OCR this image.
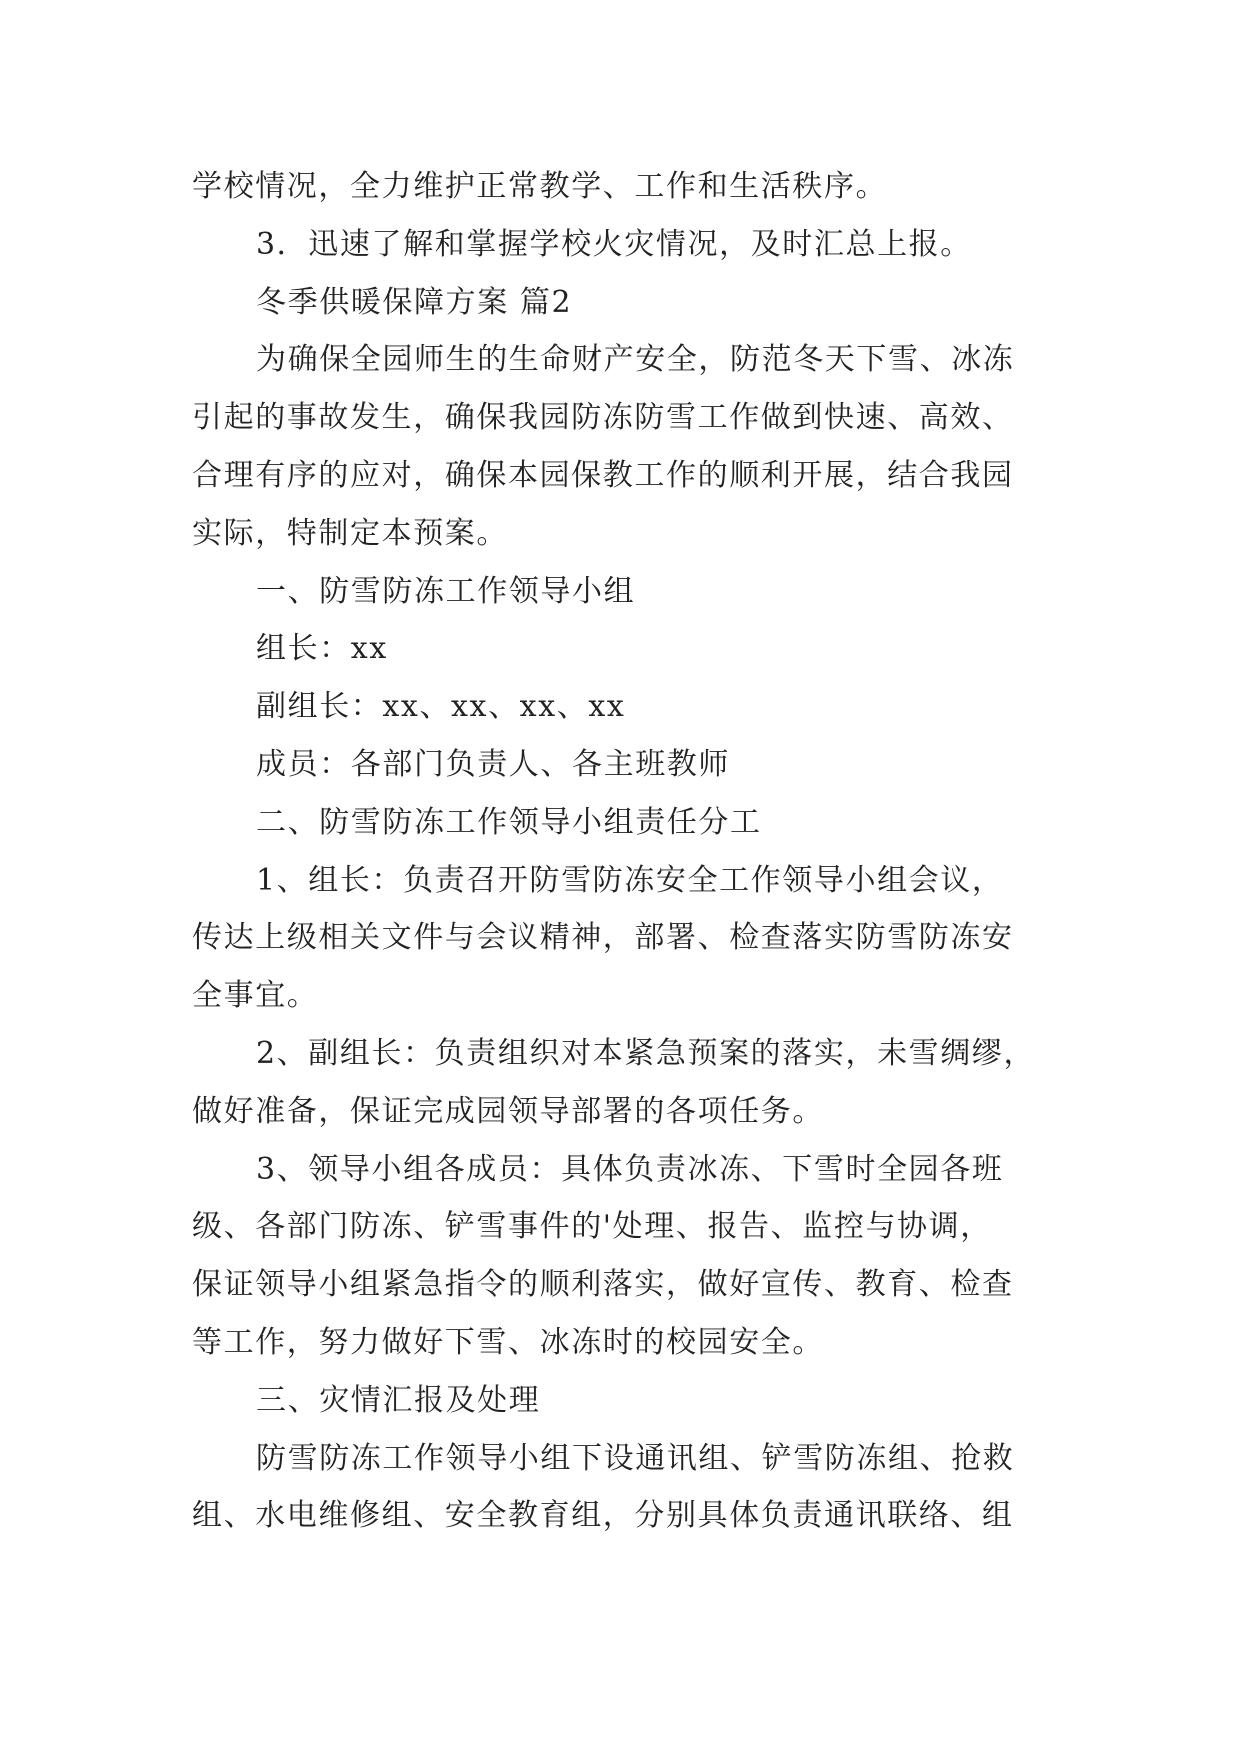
学校情况，全力维护正常教学、工作和生活秩序。
3．迅速了解和掌握学校火灾情况，及时汇总上报。
冬季供暖保障方案 篇2
为确保全园师生的生命财产安全，防范冬天下雪、冰冻
引起的事故发生，确保我园防冻防雪工作做到快速、高效、
合理有序的应对，确保本园保教工作的顺利开展，结合我园
实际，特制定本预案。
一、防雪防冻工作领导小组
组长：xx
副组长：xx、xx、xx、xx
成员：各部门负责人、各主班教师
二、防雪防冻工作领导小组责任分工
1、组长：负责召开防雪防冻安全工作领导小组会议，
传达上级相关文件与会议精神，部署、检查落实防雪防冻安
全事宜。
2、副组长：负责组织对本紧急预案的落实，未雪绸缪，
做好准备，保证完成园领导部署的各项任务。
3、领导小组各成员：具体负责冰冻、下雪时全园各班
级、各部门防冻、铲雪事件的'处理、报告、监控与协调，
保证领导小组紧急指令的顺利落实，做好宣传、教育、检查
等工作，努力做好下雪、冰冻时的校园安全。
三、灾情汇报及处理
防雪防冻工作领导小组下设通讯组、铲雪防冻组、抢救
组、水电维修组、安全教育组，分别具体负责通讯联络、组
